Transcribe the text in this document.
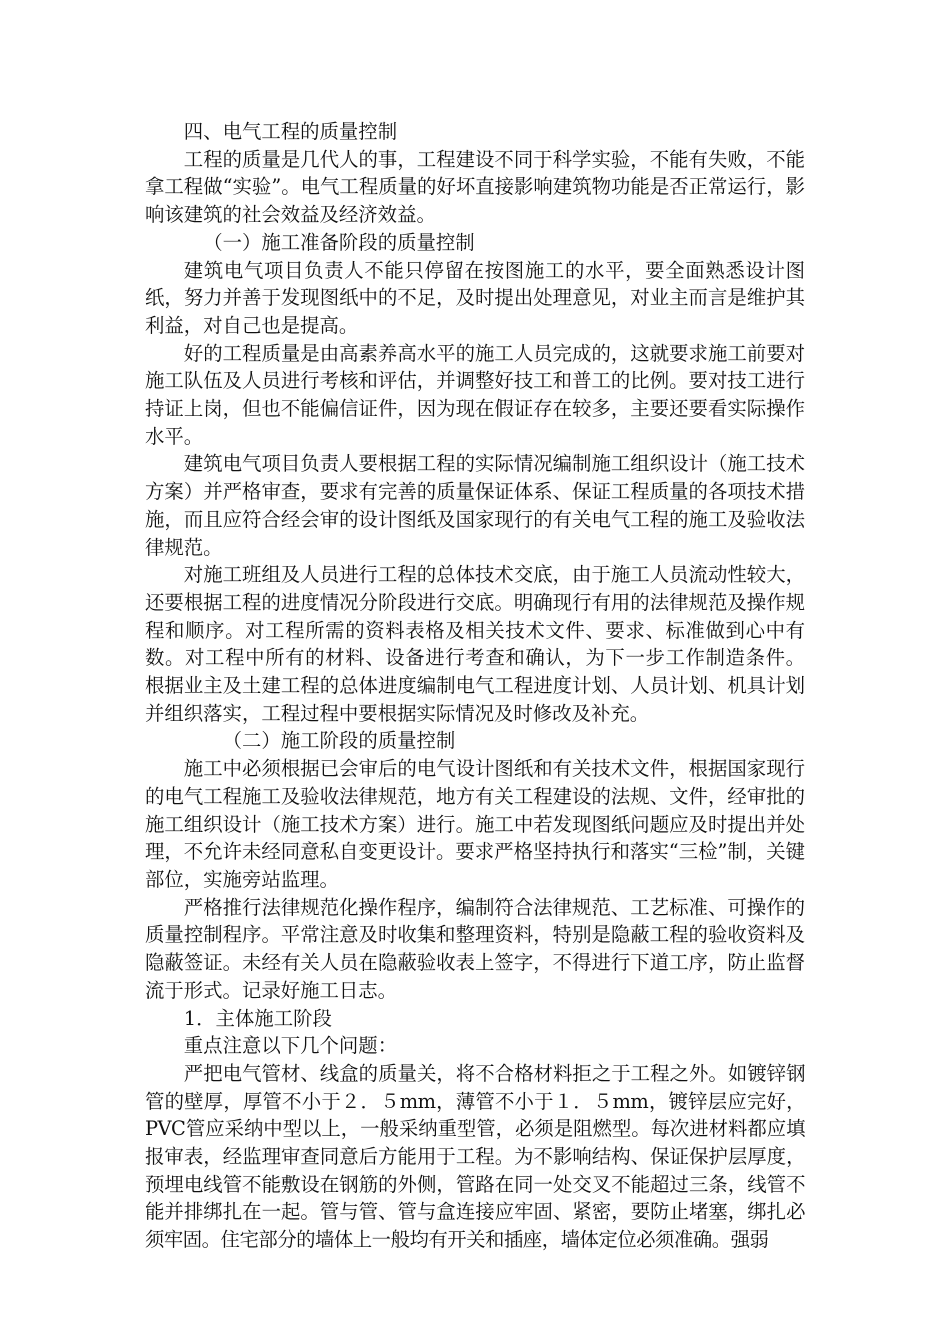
四、电气工程的质量控制

工程的质量是几代人的事，工程建设不同于科学实验，不能有失败，不能拿工程做“实验”。电气工程质量的好坏直接影响建筑物功能是否正常运行，影响该建筑的社会效益及经济效益。

（一）施工准备阶段的质量控制

建筑电气项目负责人不能只停留在按图施工的水平，要全面熟悉设计图纸，努力并善于发现图纸中的不足，及时提出处理意见，对业主而言是维护其利益，对自己也是提高。

好的工程质量是由高素养高水平的施工人员完成的，这就要求施工前要对施工队伍及人员进行考核和评估，并调整好技工和普工的比例。要对技工进行持证上岗，但也不能偏信证件，因为现在假证存在较多，主要还要看实际操作水平。

建筑电气项目负责人要根据工程的实际情况编制施工组织设计（施工技术方案）并严格审查，要求有完善的质量保证体系、保证工程质量的各项技术措施，而且应符合经会审的设计图纸及国家现行的有关电气工程的施工及验收法律规范。

对施工班组及人员进行工程的总体技术交底，由于施工人员流动性较大，还要根据工程的进度情况分阶段进行交底。明确现行有用的法律规范及操作规程和顺序。对工程所需的资料表格及相关技术文件、要求、标准做到心中有数。对工程中所有的材料、设备进行考查和确认，为下一步工作制造条件。 根据业主及土建工程的总体进度编制电气工程进度计划、人员计划、机具计划并组织落实，工程过程中要根据实际情况及时修改及补充。

（二）施工阶段的质量控制

施工中必须根据已会审后的电气设计图纸和有关技术文件，根据国家现行的电气工程施工及验收法律规范，地方有关工程建设的法规、文件，经审批的施工组织设计（施工技术方案）进行。施工中若发现图纸问题应及时提出并处理，不允许未经同意私自变更设计。要求严格坚持执行和落实“三检”制，关键部位，实施旁站监理。

严格推行法律规范化操作程序，编制符合法律规范、工艺标准、可操作的质量控制程序。平常注意及时收集和整理资料，特别是隐蔽工程的验收资料及隐蔽签证。未经有关人员在隐蔽验收表上签字，不得进行下道工序，防止监督流于形式。记录好施工日志。

1．主体施工阶段

重点注意以下几个问题：

严把电气管材、线盒的质量关，将不合格材料拒之于工程之外。如镀锌钢管的壁厚，厚管不小于２．５mm，薄管不小于１．５mm，镀锌层应完好，PVC管应采纳中型以上，一般采纳重型管，必须是阻燃型。每次进材料都应填报审表，经监理审查同意后方能用于工程。为不影响结构、保证保护层厚度，预埋电线管不能敷设在钢筋的外侧，管路在同一处交叉不能超过三条，线管不能并排绑扎在一起。管与管、管与盒连接应牢固、紧密，要防止堵塞，绑扎必须牢固。住宅部分的墙体上一般均有开关和插座，墙体定位必须准确。强弱
